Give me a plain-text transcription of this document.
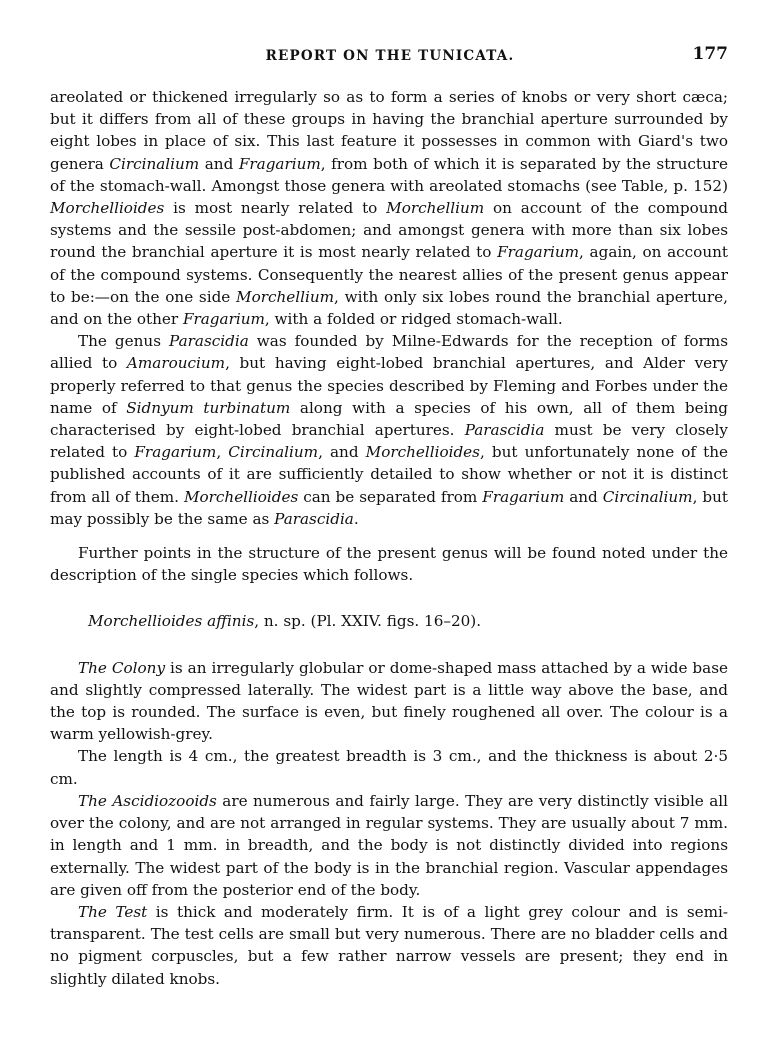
REPORT ON THE TUNICATA.	177

areolated or thickened irregularly so as to form a series of knobs or very short cæca; but it differs from all of these groups in having the branchial aperture surrounded by eight lobes in place of six. This last feature it possesses in common with Giard's two genera Circinalium and Fragarium, from both of which it is separated by the structure of the stomach-wall. Amongst those genera with areolated stomachs (see Table, p. 152) Morchellioides is most nearly related to Morchellium on account of the compound systems and the sessile post-abdomen; and amongst genera with more than six lobes round the branchial aperture it is most nearly related to Fragarium, again, on account of the compound systems. Consequently the nearest allies of the present genus appear to be:—on the one side Morchellium, with only six lobes round the branchial aperture, and on the other Fragarium, with a folded or ridged stomach-wall.

The genus Parascidia was founded by Milne-Edwards for the reception of forms allied to Amaroucium, but having eight-lobed branchial apertures, and Alder very properly referred to that genus the species described by Fleming and Forbes under the name of Sidnyum turbinatum along with a species of his own, all of them being characterised by eight-lobed branchial apertures. Parascidia must be very closely related to Fragarium, Circinalium, and Morchellioides, but unfortunately none of the published accounts of it are sufficiently detailed to show whether or not it is distinct from all of them. Morchellioides can be separated from Fragarium and Circinalium, but may possibly be the same as Parascidia.

Further points in the structure of the present genus will be found noted under the description of the single species which follows.

Morchellioides affinis, n. sp. (Pl. XXIV. figs. 16–20).

The Colony is an irregularly globular or dome-shaped mass attached by a wide base and slightly compressed laterally. The widest part is a little way above the base, and the top is rounded. The surface is even, but finely roughened all over. The colour is a warm yellowish-grey.

The length is 4 cm., the greatest breadth is 3 cm., and the thickness is about 2·5 cm.

The Ascidiozooids are numerous and fairly large. They are very distinctly visible all over the colony, and are not arranged in regular systems. They are usually about 7 mm. in length and 1 mm. in breadth, and the body is not distinctly divided into regions externally. The widest part of the body is in the branchial region. Vascular appendages are given off from the posterior end of the body.

The Test is thick and moderately firm. It is of a light grey colour and is semi-transparent. The test cells are small but very numerous. There are no bladder cells and no pigment corpuscles, but a few rather narrow vessels are present; they end in slightly dilated knobs.
